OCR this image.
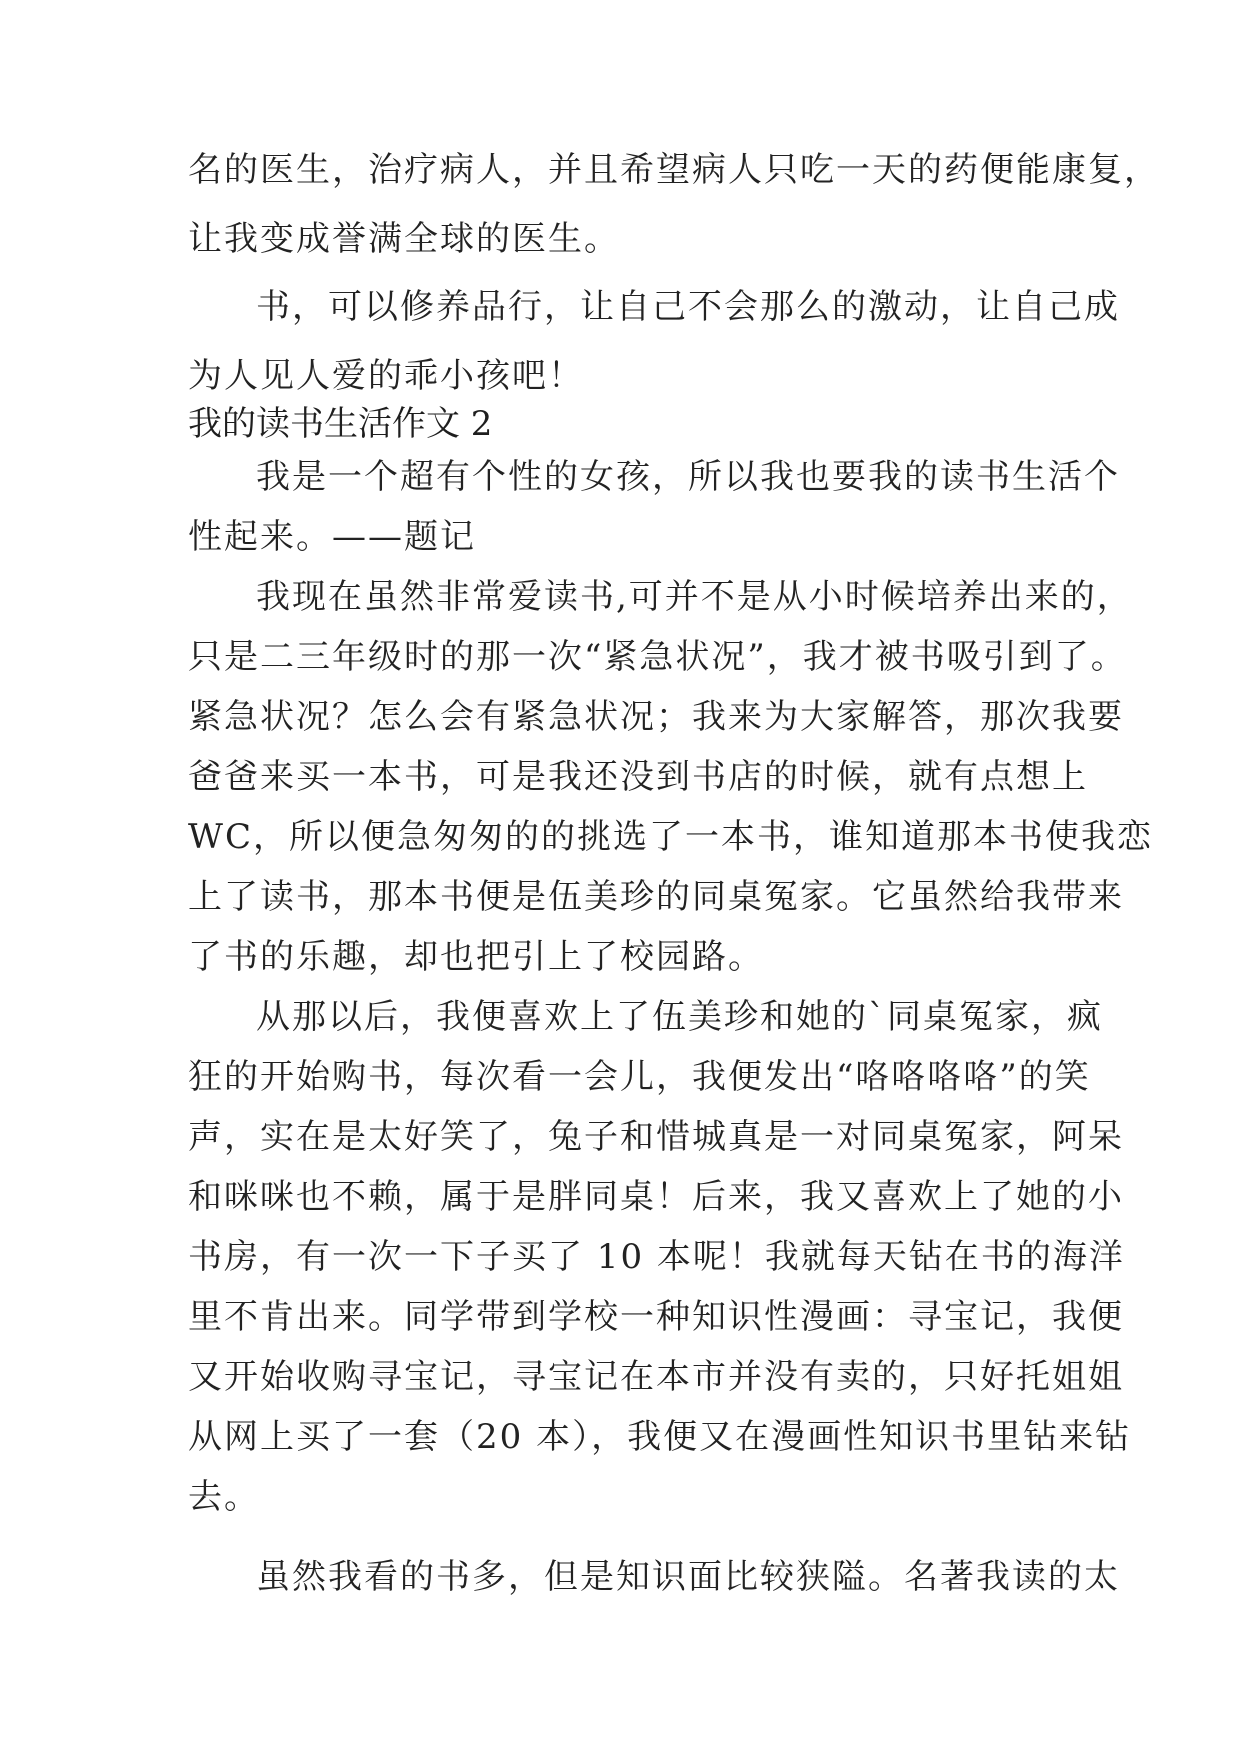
名的医生，治疗病人，并且希望病人只吃一天的药便能康复，
让我变成誉满全球的医生。
书，可以修养品行，让自己不会那么的激动，让自己成
为人见人爱的乖小孩吧！
我的读书生活作文 2
我是一个超有个性的女孩，所以我也要我的读书生活个
性起来。——题记
我现在虽然非常爱读书,可并不是从小时候培养出来的，
只是二三年级时的那一次“紧急状况”，我才被书吸引到了。
紧急状况？怎么会有紧急状况；我来为大家解答，那次我要
爸爸来买一本书，可是我还没到书店的时候，就有点想上
WC，所以便急匆匆的的挑选了一本书，谁知道那本书使我恋
上了读书，那本书便是伍美珍的同桌冤家。它虽然给我带来
了书的乐趣，却也把引上了校园路。
从那以后，我便喜欢上了伍美珍和她的`同桌冤家，疯
狂的开始购书，每次看一会儿，我便发出“咯咯咯咯”的笑
声，实在是太好笑了，兔子和惜城真是一对同桌冤家，阿呆
和咪咪也不赖，属于是胖同桌！后来，我又喜欢上了她的小
书房，有一次一下子买了 10 本呢！我就每天钻在书的海洋
里不肯出来。同学带到学校一种知识性漫画：寻宝记，我便
又开始收购寻宝记，寻宝记在本市并没有卖的，只好托姐姐
从网上买了一套（20 本），我便又在漫画性知识书里钻来钻
去。
虽然我看的书多，但是知识面比较狭隘。名著我读的太
